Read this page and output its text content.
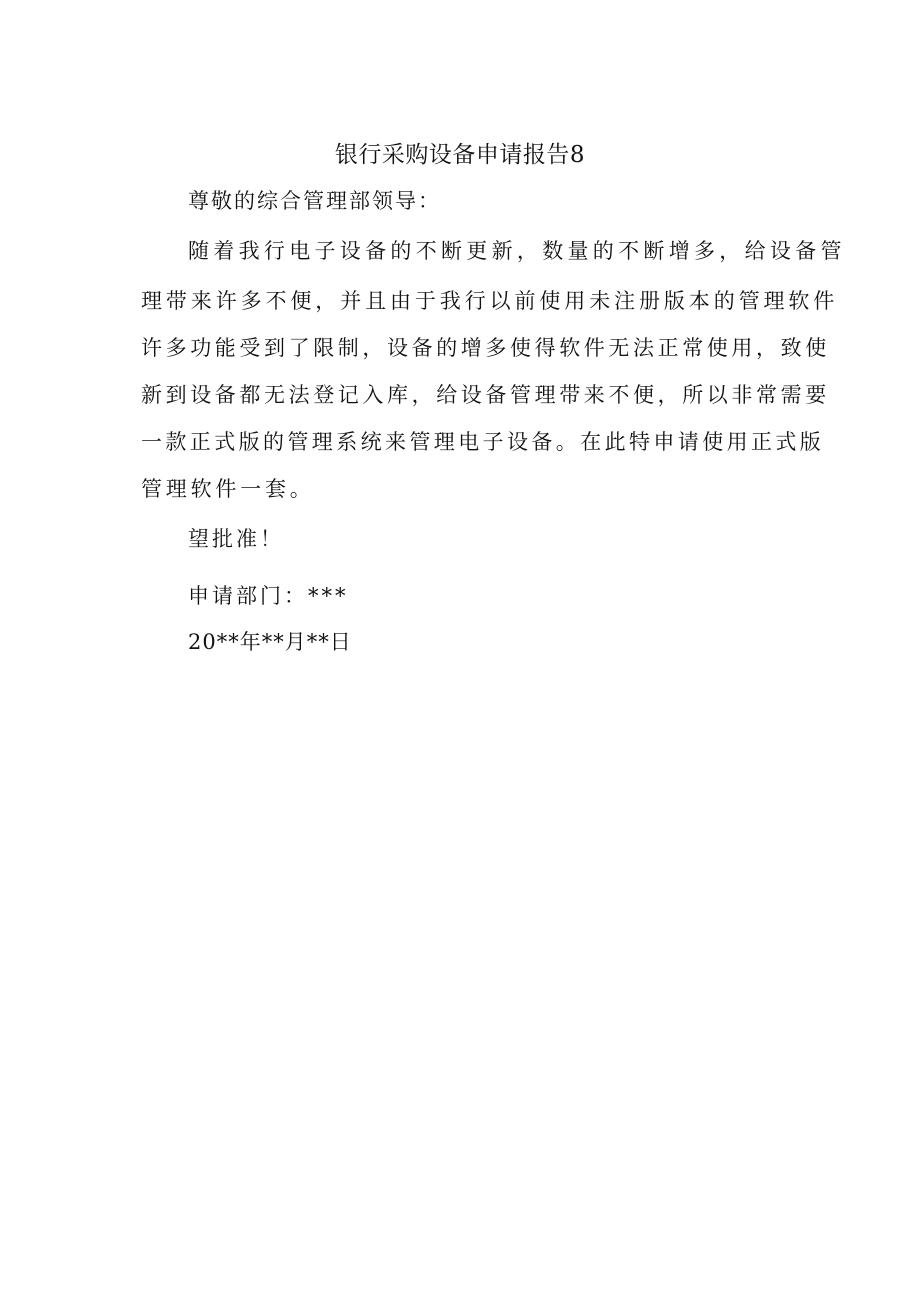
银行采购设备申请报告8
尊敬的综合管理部领导：
随着我行电子设备的不断更新，数量的不断增多，给设备管
理带来许多不便，并且由于我行以前使用未注册版本的管理软件
许多功能受到了限制，设备的增多使得软件无法正常使用，致使
新到设备都无法登记入库，给设备管理带来不便，所以非常需要
一款正式版的管理系统来管理电子设备。在此特申请使用正式版
管理软件一套。
望批准！
申请部门：***
20**年**月**日
